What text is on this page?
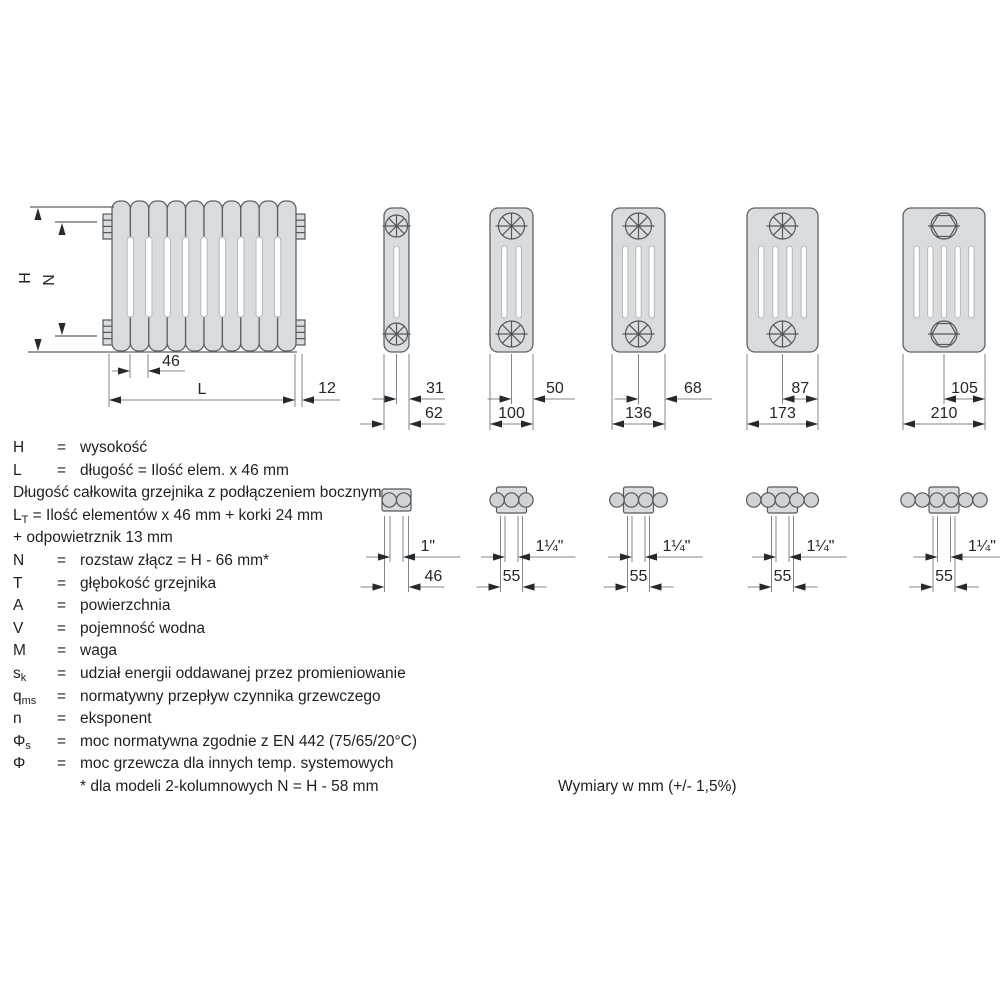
H N
46
L	12	31
62
1"
46
50
100
1¼"
55
68
136
1¼"
55
87
173
1¼"
55
105
210
1¼"
55
H	= wysokość
L	= długość = Ilość elem. x 46 mm
Długość całkowita grzejnika z podłączeniem bocznym
LT = Ilość elementów x 46 mm + korki 24 mm
+ odpowietrznik 13 mm
N	= rozstaw złącz = H - 66 mm*
T	= głębokość grzejnika
A	= powierzchnia
V	= pojemność wodna
M	= waga
sk	= udział energii oddawanej przez promieniowanie
qms	= normatywny przepływ czynnika grzewczego
n	= eksponent
Φs	= moc normatywna zgodnie z EN 442 (75/65/20°C)
Φ	= moc grzewcza dla innych temp. systemowych
* dla modeli 2-kolumnowych N = H - 58 mm	Wymiary w mm (+/- 1,5%)
